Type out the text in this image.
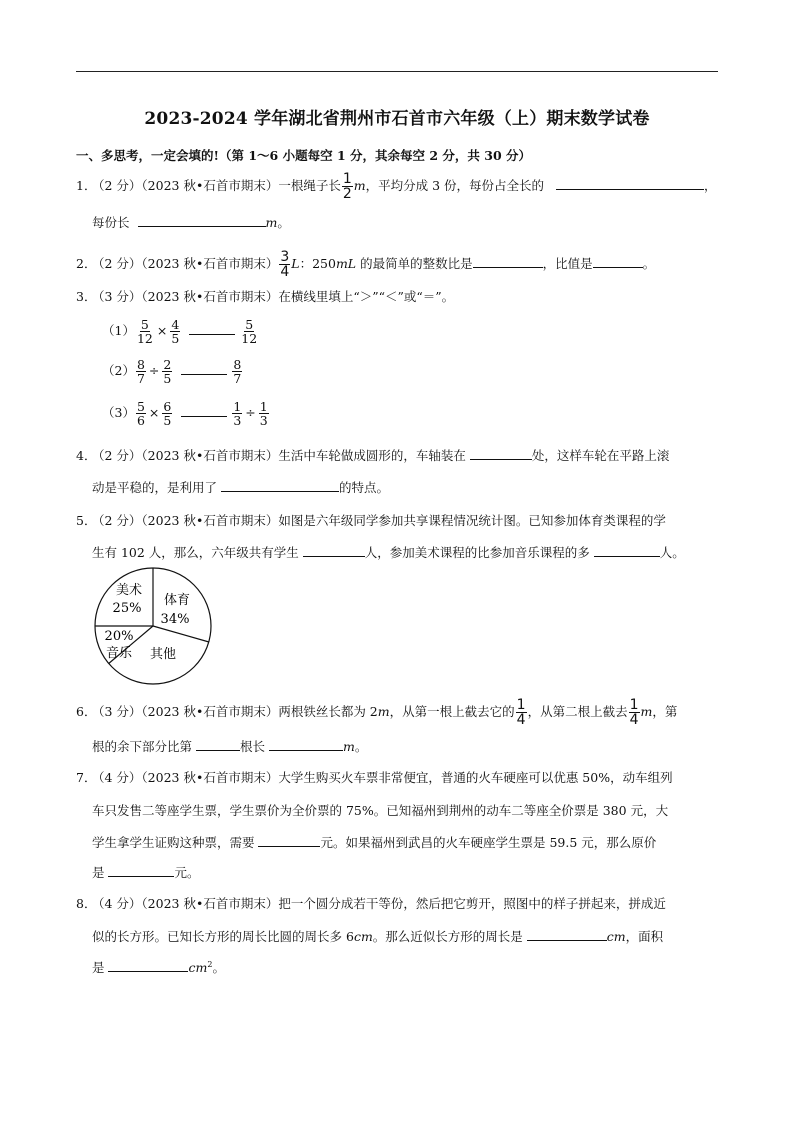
2023-2024 学年湖北省荆州市石首市六年级（上）期末数学试卷
一、多思考，一定会填的!（第 1～6 小题每空 1 分，其余每空 2 分，共 30 分）
1．（2 分）（2023 秋•石首市期末）一根绳子长 $\frac{1}{2}$ m，平均分成 3 份，每份占全长的	，
每份长	m。
2．（2 分）（2023 秋•石首市期末） $\frac{3}{4}$ L：250mL 的最简单的整数比是	，比值是	。
3．（3 分）（2023 秋•石首市期末）在横线里填上“＞”“＜”或“＝”。
$(1) \frac{5}{12} \times \frac{4}{5}$
	$\frac{5}{12}$
$(2) \frac{8}{7} \div \frac{2}{5}$
	$\frac{8}{7}$
$(3) \frac{5}{6} \times \frac{6}{5}$
	$\frac{1}{3} \div \frac{1}{3}$
4．（2 分）（2023 秋•石首市期末）生活中车轮做成圆形的，车轴装在	处，这样车轮在平路上滚
动是平稳的，是利用了	的特点。
5．（2 分）（2023 秋•石首市期末）如图是六年级同学参加共享课程情况统计图。已知参加体育类课程的学
生有 102 人，那么，六年级共有学生	人，参加美术课程的比参加音乐课程的多	人。
美术
25%
体育
34%
20%
音乐 其他
6．（3 分）（2023 秋•石首市期末）两根铁丝长都为 2m，从第一根上截去它的 $\frac{1}{4}$ ，从第二根上截去 $\frac{1}{4}$ m，第
根的余下部分比第	根长	m。
7．（4 分）（2023 秋•石首市期末）大学生购买火车票非常便宜，普通的火车硬座可以优惠 50%，动车组列
车只发售二等座学生票，学生票价为全价票的 75%。已知福州到荆州的动车二等座全价票是 380 元，大
学生拿学生证购这种票，需要	元。如果福州到武昌的火车硬座学生票是 59.5 元，那么原价
是	元。
8．（4 分）（2023 秋•石首市期末）把一个圆分成若干等份，然后把它剪开，照图中的样子拼起来，拼成近
似的长方形。已知长方形的周长比圆的周长多 6cm。那么近似长方形的周长是	cm，面积
是	$cm^2$。
